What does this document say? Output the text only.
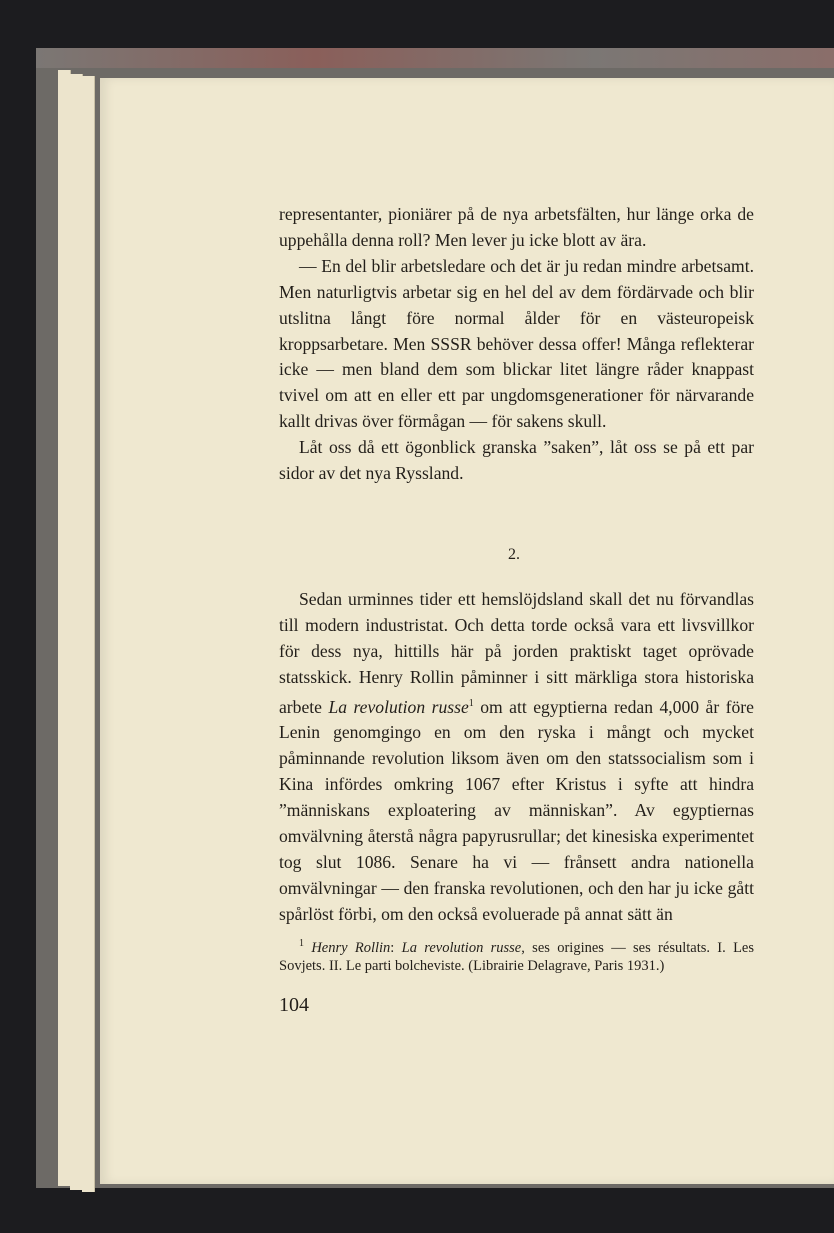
representanter, pioniärer på de nya arbetsfälten, hur länge orka de uppehålla denna roll? Men lever ju icke blott av ära.

— En del blir arbetsledare och det är ju redan mindre arbetsamt. Men naturligtvis arbetar sig en hel del av dem fördärvade och blir utslitna långt före normal ålder för en västeuropeisk kroppsarbetare. Men SSSR behöver dessa offer! Många reflekterar icke — men bland dem som blickar litet längre råder knappast tvivel om att en eller ett par ungdomsgenerationer för närvarande kallt drivas över förmågan — för sakens skull.

Låt oss då ett ögonblick granska ”saken”, låt oss se på ett par sidor av det nya Ryssland.

2.

Sedan urminnes tider ett hemslöjdsland skall det nu förvandlas till modern industristat. Och detta torde också vara ett livsvillkor för dess nya, hittills här på jorden praktiskt taget oprövade statsskick. Henry Rollin påminner i sitt märkliga stora historiska arbete La revolution russe$^1$ om att egyptierna redan 4,000 år före Lenin genomgingo en om den ryska i mångt och mycket påminnande revolution liksom även om den statssocialism som i Kina infördes omkring 1067 efter Kristus i syfte att hindra ”människans exploatering av människan”. Av egyptiernas omvälvning återstå några papyrusrullar; det kinesiska experimentet tog slut 1086. Senare ha vi — frånsett andra nationella omvälvningar — den franska revolutionen, och den har ju icke gått spårlöst förbi, om den också evoluerade på annat sätt än

$^1$ Henry Rollin: La revolution russe, ses origines — ses résultats. I. Les Sovjets. II. Le parti bolcheviste. (Librairie Delagrave, Paris 1931.)

104
